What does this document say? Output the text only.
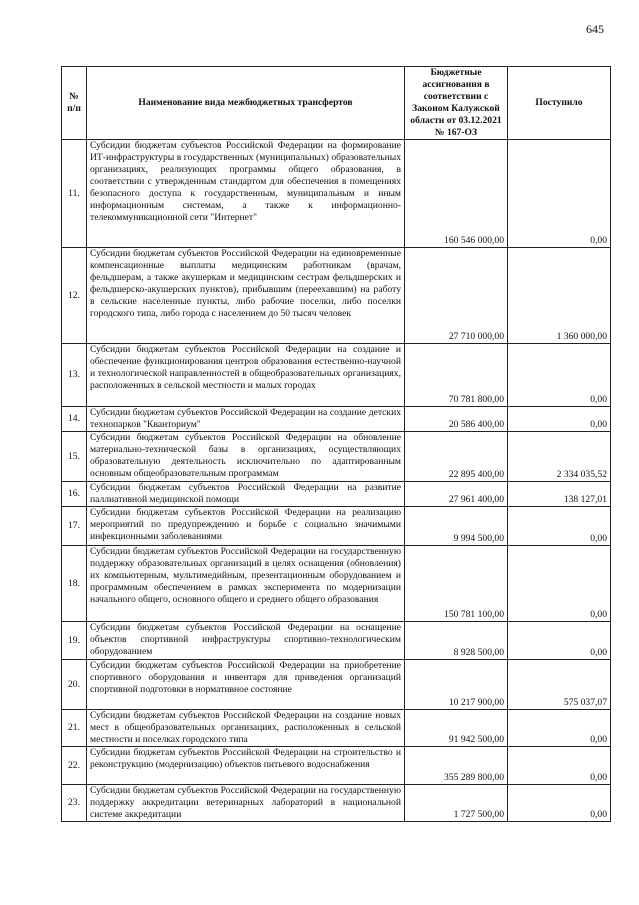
645
№ п/п	Наименование вида межбюджетных трансфертов	Бюджетные ассигнования в соответствии с Законом Калужской области от 03.12.2021 № 167-ОЗ	Поступило
11.	Субсидии бюджетам субъектов Российской Федерации на формирование ИТ-инфраструктуры в государственных (муниципальных) образовательных организациях, реализующих программы общего образования, в соответствии с утвержденным стандартом для обеспечения в помещениях безопасного доступа к государственным, муниципальным и иным информационным системам, а также к информационно-телекоммуникационной сети "Интернет"	160 546 000,00	0,00
12.	Субсидии бюджетам субъектов Российской Федерации на единовременные компенсационные выплаты медицинским работникам (врачам, фельдшерам, а также акушеркам и медицинским сестрам фельдшерских и фельдшерско-акушерских пунктов), прибывшим (переехавшим) на работу в сельские населенные пункты, либо рабочие поселки, либо поселки городского типа, либо города с населением до 50 тысяч человек	27 710 000,00	1 360 000,00
13.	Субсидии бюджетам субъектов Российской Федерации на создание и обеспечение функционирования центров образования естественно-научной и технологической направленностей в общеобразовательных организациях, расположенных в сельской местности и малых городах	70 781 800,00	0,00
14.	Субсидии бюджетам субъектов Российской Федерации на создание детских технопарков "Кванториум"	20 586 400,00	0,00
15.	Субсидии бюджетам субъектов Российской Федерации на обновление материально-технической базы в организациях, осуществляющих образовательную деятельность исключительно по адаптированным основным общеобразовательным программам	22 895 400,00	2 334 035,52
16.	Субсидии бюджетам субъектов Российской Федерации на развитие паллиативной медицинской помощи	27 961 400,00	138 127,01
17.	Субсидии бюджетам субъектов Российской Федерации на реализацию мероприятий по предупреждению и борьбе с социально значимыми инфекционными заболеваниями	9 994 500,00	0,00
18.	Субсидии бюджетам субъектов Российской Федерации на государственную поддержку образовательных организаций в целях оснащения (обновления) их компьютерным, мультимедийным, презентационным оборудованием и программным обеспечением в рамках эксперимента по модернизации начального общего, основного общего и среднего общего образования	150 781 100,00	0,00
19.	Субсидии бюджетам субъектов Российской Федерации на оснащение объектов спортивной инфраструктуры спортивно-технологическим оборудованием	8 928 500,00	0,00
20.	Субсидии бюджетам субъектов Российской Федерации на приобретение спортивного оборудования и инвентаря для приведения организаций спортивной подготовки в нормативное состояние	10 217 900,00	575 037,07
21.	Субсидии бюджетам субъектов Российской Федерации на создание новых мест в общеобразовательных организациях, расположенных в сельской местности и поселках городского типа	91 942 500,00	0,00
22.	Субсидии бюджетам субъектов Российской Федерации на строительство и реконструкцию (модернизацию) объектов питьевого водоснабжения	355 289 800,00	0,00
23.	Субсидии бюджетам субъектов Российской Федерации на государственную поддержку аккредитации ветеринарных лабораторий в национальной системе аккредитации	1 727 500,00	0,00
